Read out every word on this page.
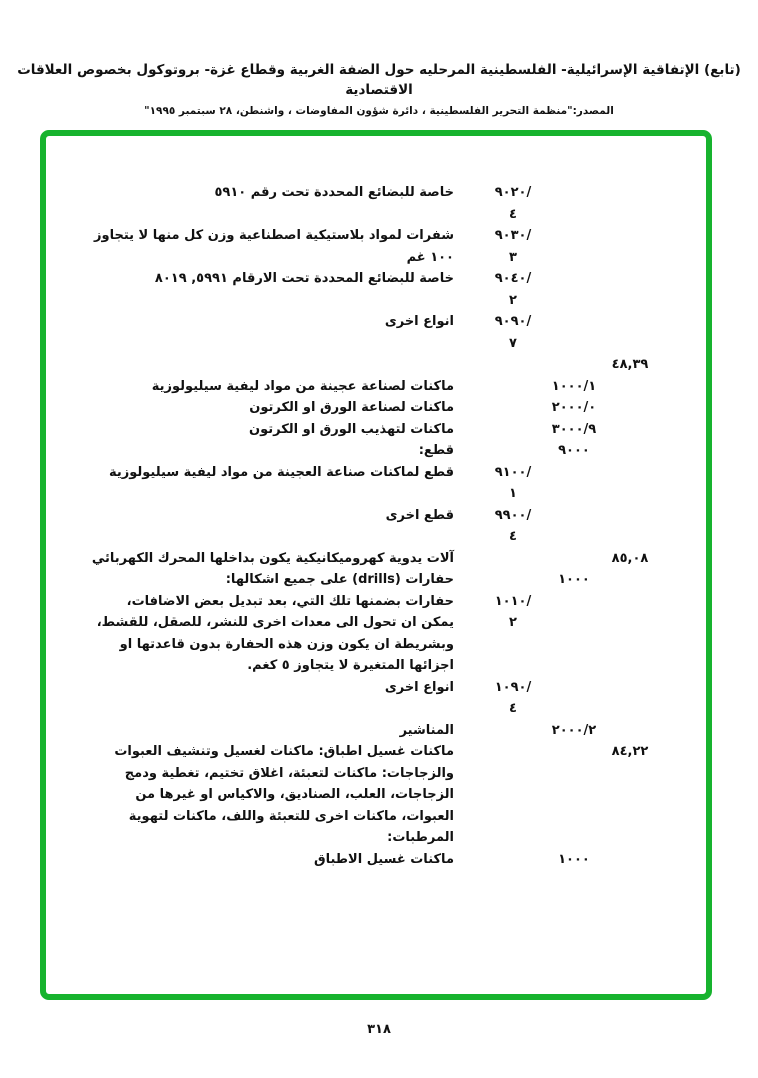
(تابع) الإتفاقية الإسرائيلية- الفلسطينية المرحليه حول الضفة الغربية وقطاع غزة- بروتوكول بخصوص العلاقات الاقتصادية
المصدر:"منظمة التحرير الفلسطينية ، دائرة شؤون المفاوضات ، واشنطن، ٢٨ سبتمبر ١٩٩٥"
٩٠٢٠/
خاصة للبضائع المحددة تحت رقم ٥٩١٠
٤
٩٠٣٠/
شفرات لمواد بلاستيكية اصطناعية وزن كل منها لا يتجاوز
٣
١٠٠ غم
٩٠٤٠/
خاصة للبضائع المحددة تحت الارقام ٥٩٩١, ٨٠١٩
٢
٩٠٩٠/
انواع اخرى
٧
٤٨,٣٩
١٠٠٠/١
ماكنات لصناعة عجينة من مواد ليفية سيليولوزية
٢٠٠٠/٠
ماكنات لصناعة الورق او الكرتون
٣٠٠٠/٩
ماكنات لتهذيب الورق او الكرتون
٩٠٠٠
قطع:
٩١٠٠/
قطع لماكنات صناعة العجينة من مواد ليفية سيليولوزية
١
٩٩٠٠/
قطع اخرى
٤
٨٥,٠٨
آلات يدوية كهروميكانيكية يكون بداخلها المحرك الكهربائي
١٠٠٠
حفارات (drills) على جميع اشكالها:
١٠١٠/
حفارات بضمنها تلك التي، بعد تبديل بعض الاضافات،
٢
يمكن ان تحول الى معدات اخرى للنشر، للصقل، للقشط،
وبشريطة ان يكون وزن هذه الحفارة بدون قاعدتها او
اجزائها المتغيرة لا يتجاوز ٥ كغم.
١٠٩٠/
انواع اخرى
٤
٢٠٠٠/٢
المناشير
٨٤,٢٢
ماكنات غسيل اطباق: ماكنات لغسيل وتنشيف العبوات
والزجاجات: ماكنات لتعبئة، اغلاق تختيم، تغطية ودمج
الزجاجات، العلب، الصناديق، والاكياس او غيرها من
العبوات، ماكنات اخرى للتعبئة واللف، ماكنات لتهوية
المرطبات:
١٠٠٠
ماكنات غسيل الاطباق
٣١٨
